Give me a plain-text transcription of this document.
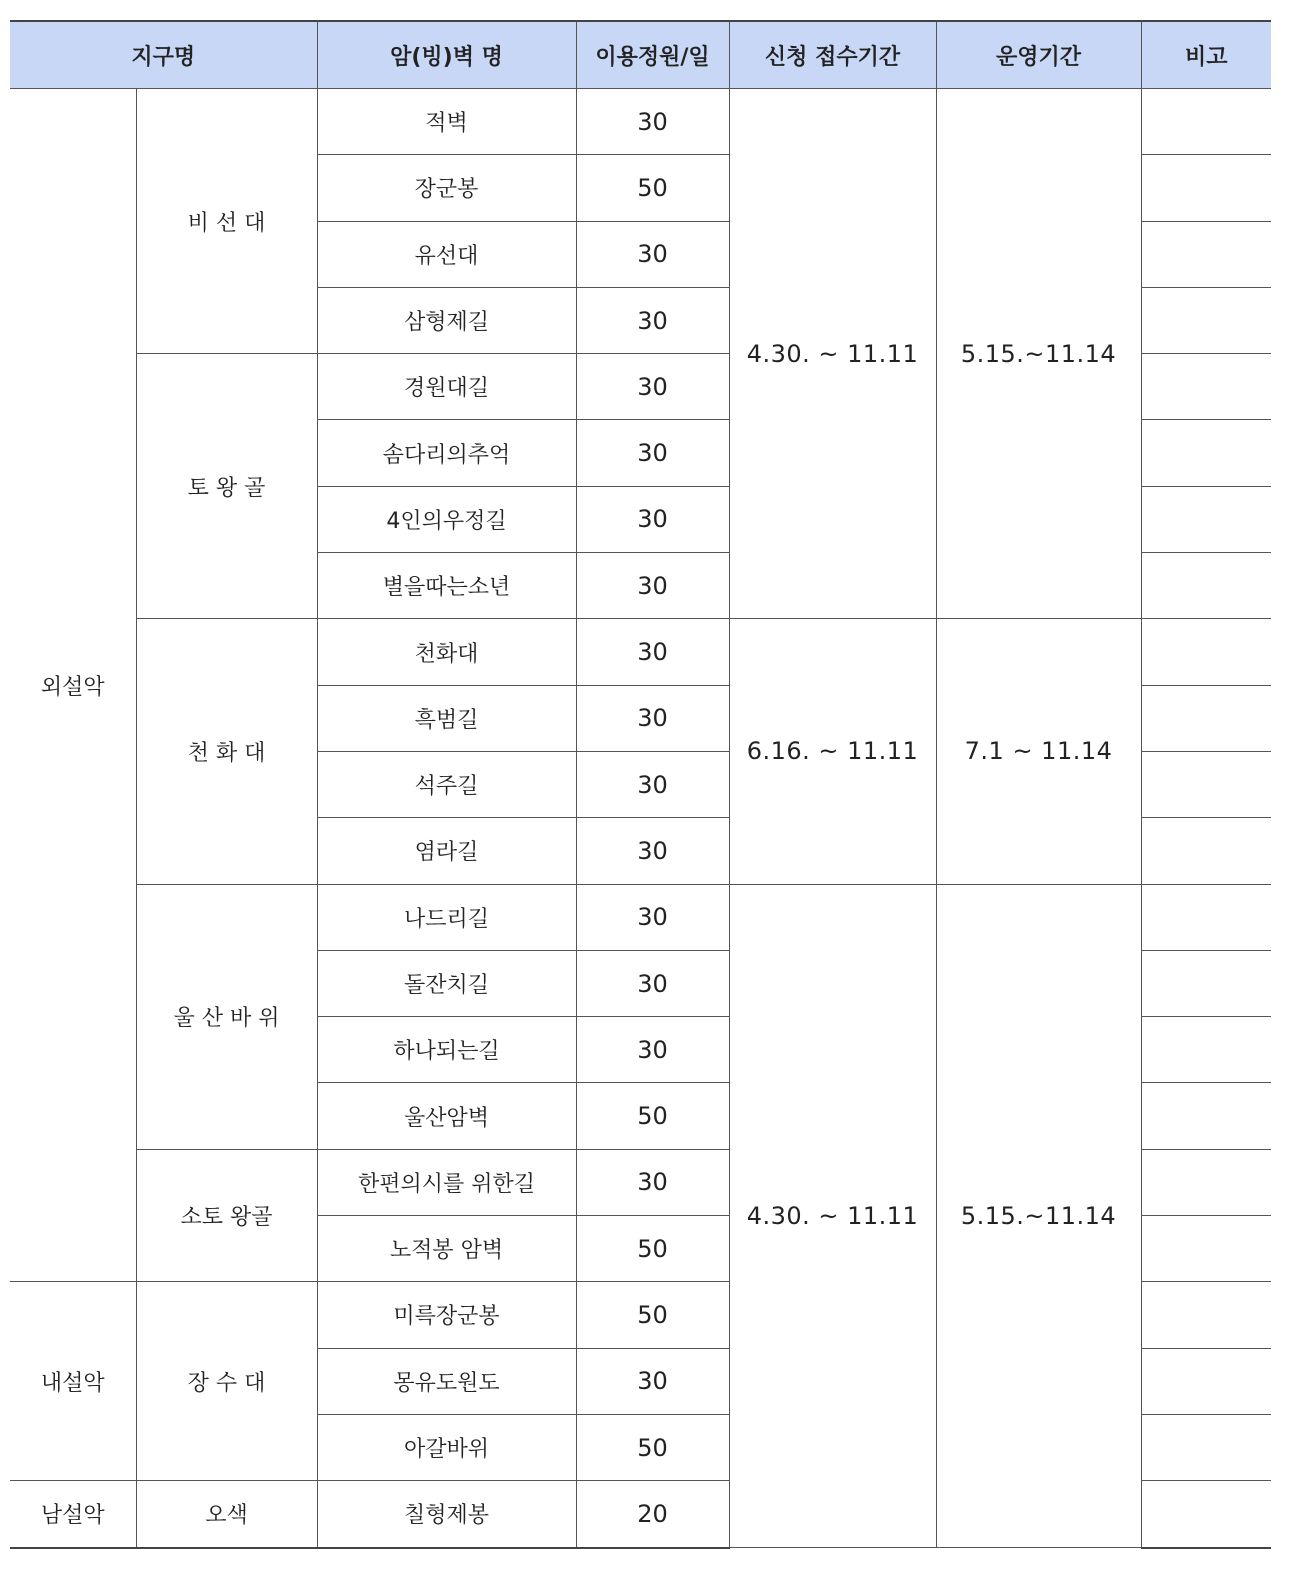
지구명		암(빙)벽 명	이용정원/일	신청 접수기간	운영기간	비고
외설악	비 선 대	적벽	30	4.30. ~ 11.11	5.15.~11.14	
		장군봉	50			
		유선대	30			
		삼형제길	30			
	토 왕 골	경원대길	30			
		솜다리의추억	30			
		4인의우정길	30			
		별을따는소년	30			
	천 화 대	천화대	30	6.16. ~ 11.11	7.1 ~ 11.14	
		흑범길	30			
		석주길	30			
		염라길	30			
	울 산 바 위	나드리길	30	4.30. ~ 11.11	5.15.~11.14	
		돌잔치길	30			
		하나되는길	30			
		울산암벽	50			
	소토 왕골	한편의시를 위한길	30			
		노적봉 암벽	50			
내설악	장 수 대	미륵장군봉	50			
		몽유도원도	30			
		아갈바위	50			
남설악	오색	칠형제봉	20			
